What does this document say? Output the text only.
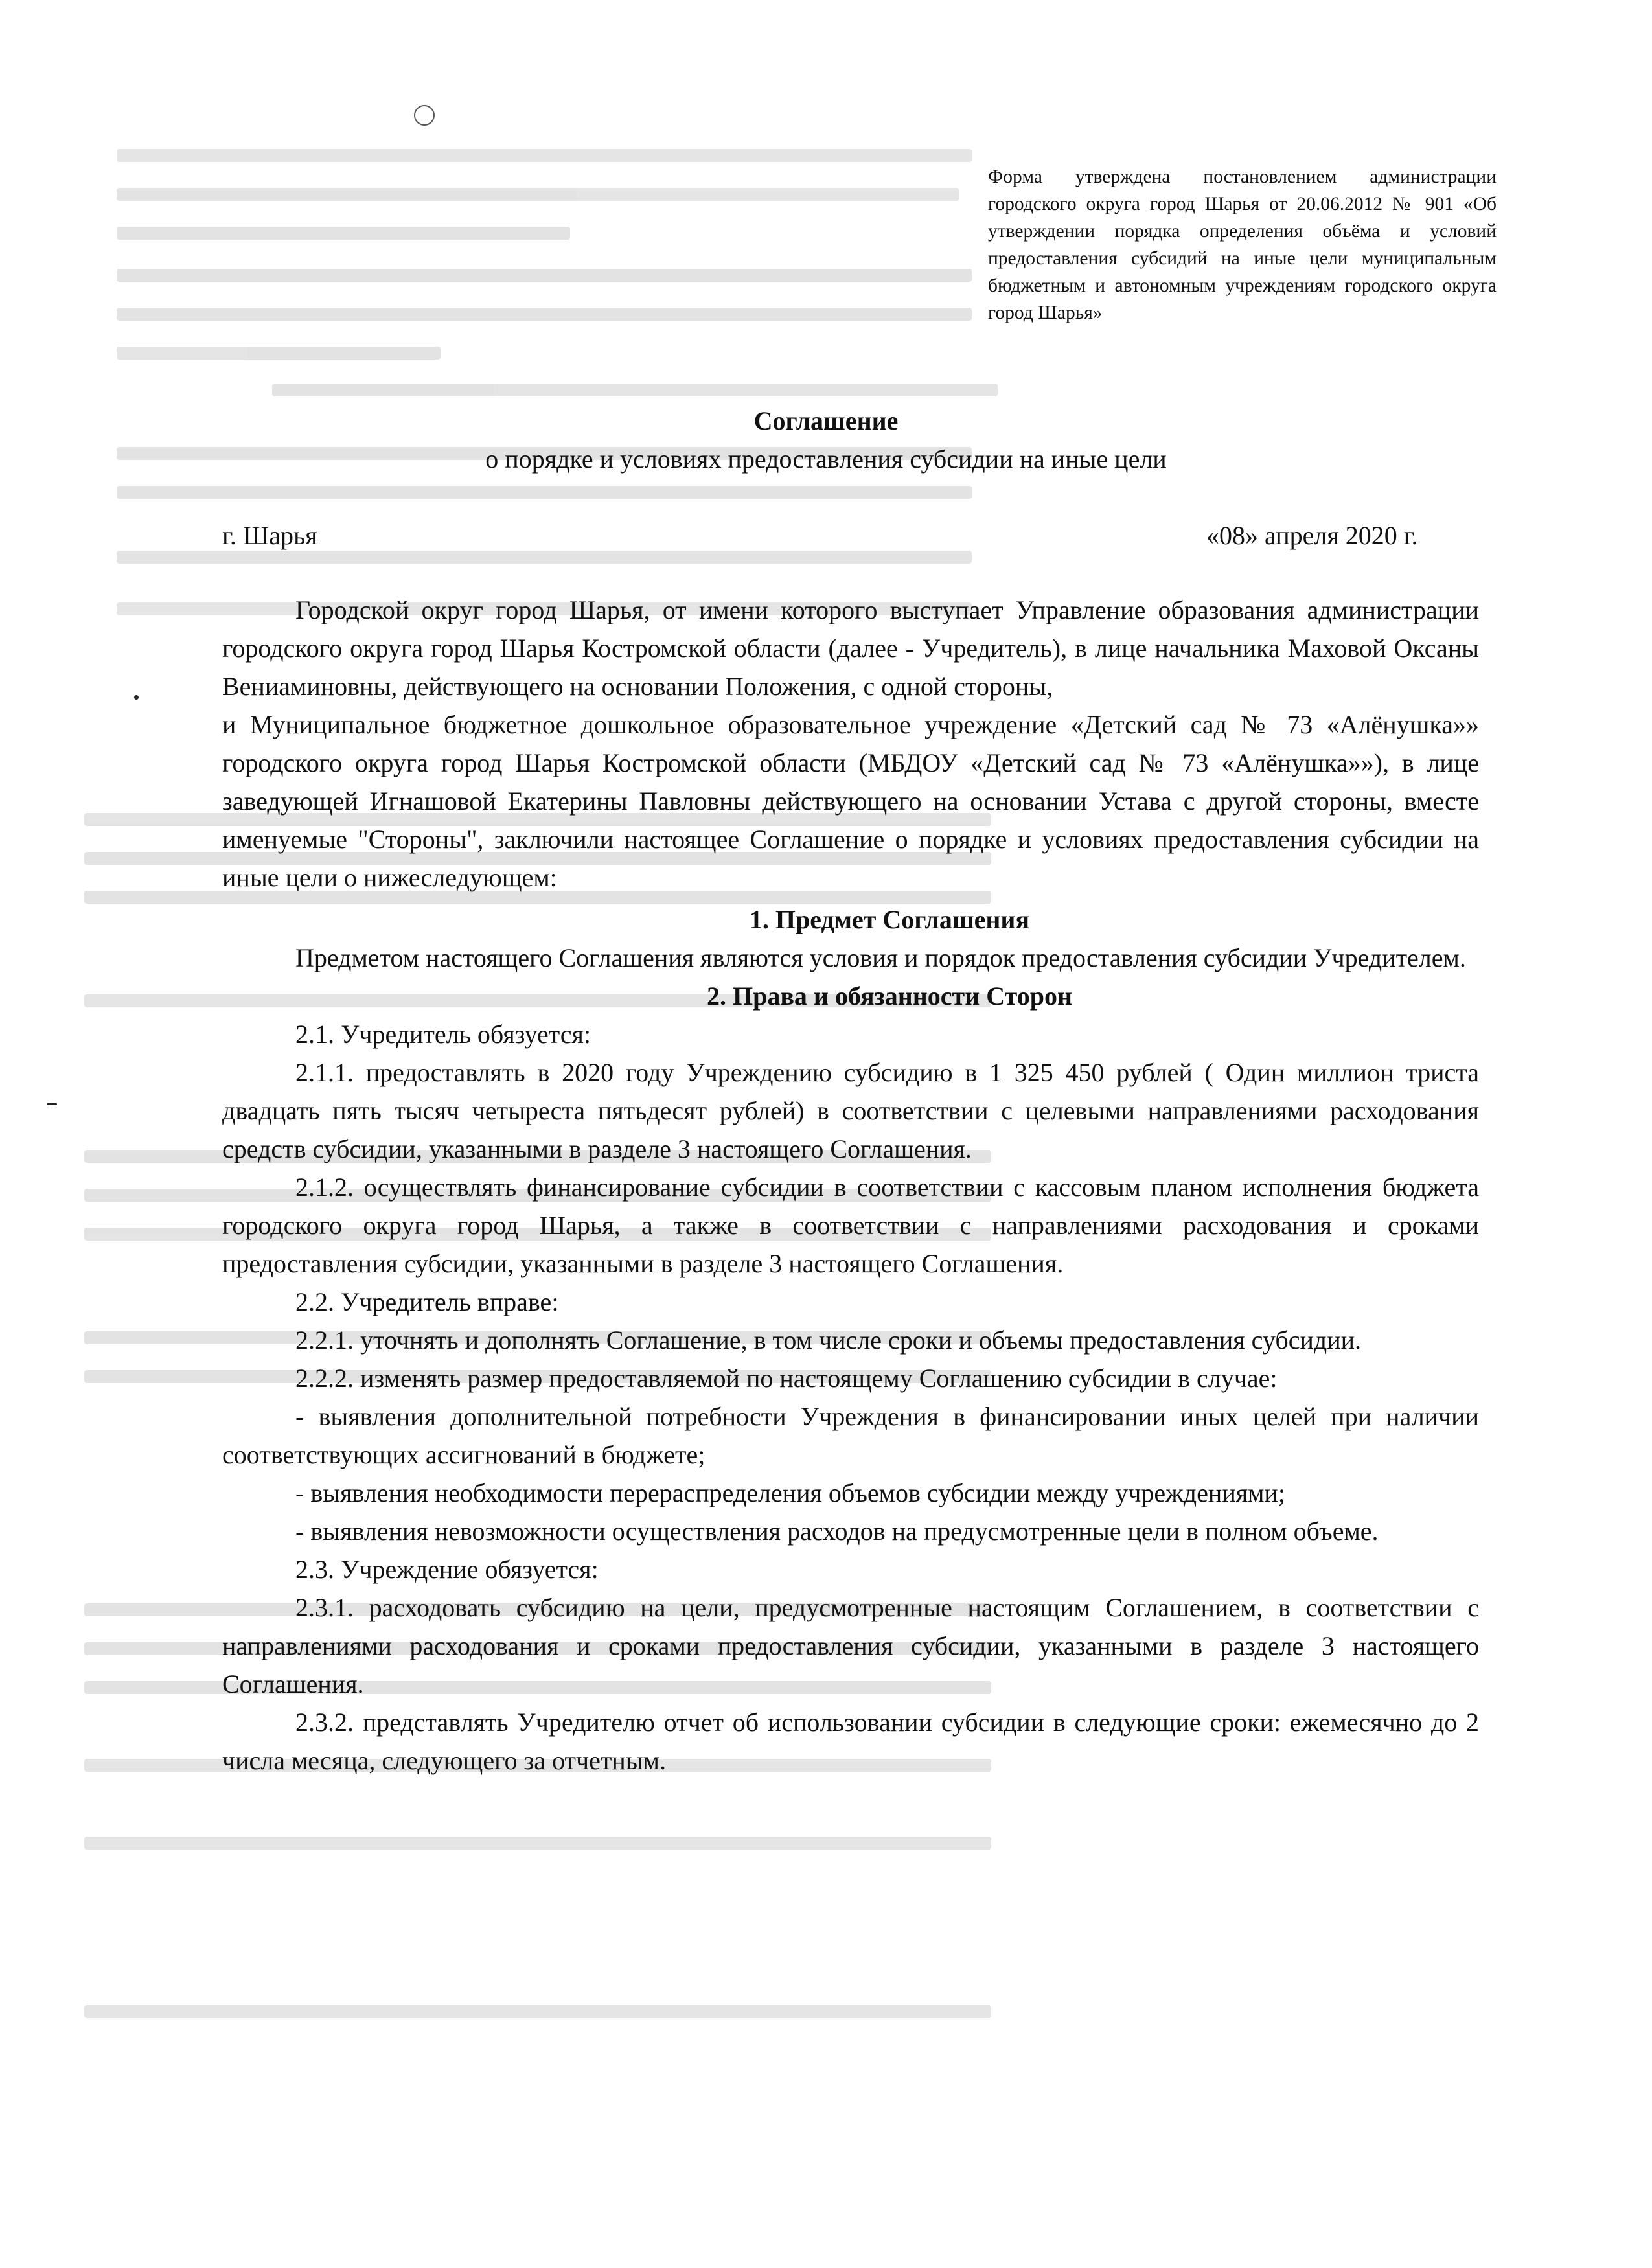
Форма утверждена постановлением администрации городского округа город Шарья от 20.06.2012 № 901 «Об утверждении порядка определения объёма и условий предоставления субсидий на иные цели муниципальным бюджетным и автономным учреждениям городского округа город Шарья»
Соглашение
о порядке и условиях предоставления субсидии на иные цели
г. Шарья	«08» апреля 2020 г.

Городской округ город Шарья, от имени которого выступает Управление образования администрации городского округа город Шарья Костромской области (далее - Учредитель), в лице начальника Маховой Оксаны Вениаминовны, действующего на основании Положения, с одной стороны,

и Муниципальное бюджетное дошкольное образовательное учреждение «Детский сад № 73 «Алёнушка»» городского округа город Шарья Костромской области (МБДОУ «Детский сад № 73 «Алёнушка»»), в лице заведующей Игнашовой Екатерины Павловны действующего на основании Устава с другой стороны, вместе именуемые "Стороны", заключили настоящее Соглашение о порядке и условиях предоставления субсидии на иные цели о нижеследующем:

1. Предмет Соглашения

Предметом настоящего Соглашения являются условия и порядок предоставления субсидии Учредителем.

2. Права и обязанности Сторон

2.1. Учредитель обязуется:

2.1.1. предоставлять в 2020 году Учреждению субсидию в 1 325 450 рублей ( Один миллион триста двадцать пять тысяч четыреста пятьдесят рублей) в соответствии с целевыми направлениями расходования средств субсидии, указанными в разделе 3 настоящего Соглашения.

2.1.2. осуществлять финансирование субсидии в соответствии с кассовым планом исполнения бюджета городского округа город Шарья, а также в соответствии с направлениями расходования и сроками предоставления субсидии, указанными в разделе 3 настоящего Соглашения.

2.2. Учредитель вправе:

2.2.1. уточнять и дополнять Соглашение, в том числе сроки и объемы предоставления субсидии.

2.2.2. изменять размер предоставляемой по настоящему Соглашению субсидии в случае:

- выявления дополнительной потребности Учреждения в финансировании иных целей при наличии соответствующих ассигнований в бюджете;

- выявления необходимости перераспределения объемов субсидии между учреждениями;

- выявления невозможности осуществления расходов на предусмотренные цели в полном объеме.

2.3. Учреждение обязуется:

2.3.1. расходовать субсидию на цели, предусмотренные настоящим Соглашением, в соответствии с направлениями расходования и сроками предоставления субсидии, указанными в разделе 3 настоящего Соглашения.

2.3.2. представлять Учредителю отчет об использовании субсидии в следующие сроки: ежемесячно до 2 числа месяца, следующего за отчетным.
